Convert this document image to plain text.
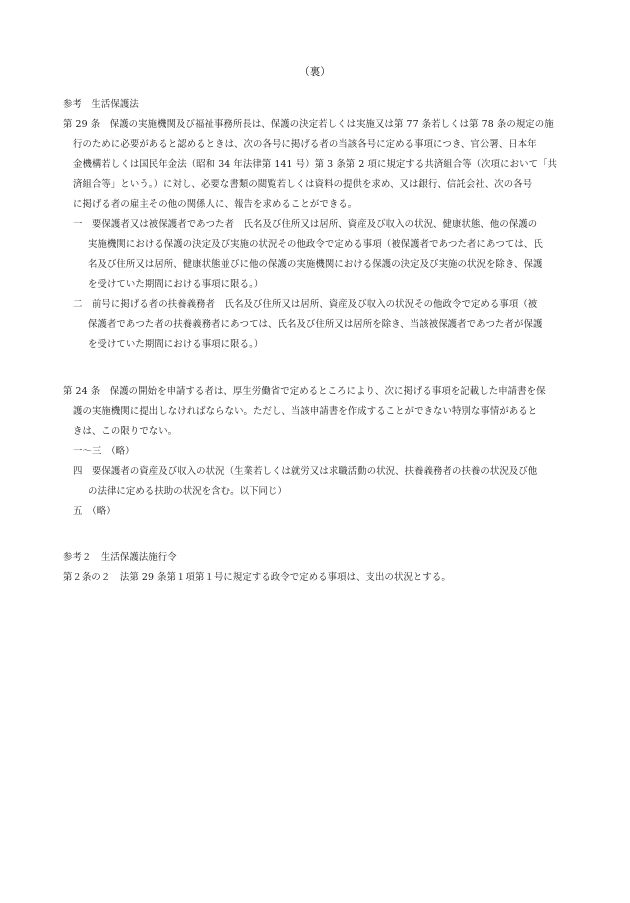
（裏）
参考　生活保護法
第 29 条　保護の実施機関及び福祉事務所長は、保護の決定若しくは実施又は第 77 条若しくは第 78 条の規定の施
行のために必要があると認めるときは、次の各号に掲げる者の当該各号に定める事項につき、官公署、日本年
金機構若しくは国民年金法（昭和 34 年法律第 141 号）第 3 条第 2 項に規定する共済組合等（次項において「共
済組合等」という。）に対し、必要な書類の閲覧若しくは資料の提供を求め、又は銀行、信託会社、次の各号
に掲げる者の雇主その他の関係人に、報告を求めることができる。
一　要保護者又は被保護者であつた者　氏名及び住所又は居所、資産及び収入の状況、健康状態、他の保護の
実施機関における保護の決定及び実施の状況その他政令で定める事項（被保護者であつた者にあつては、氏
名及び住所又は居所、健康状態並びに他の保護の実施機関における保護の決定及び実施の状況を除き、保護
を受けていた期間における事項に限る。）
二　前号に掲げる者の扶養義務者　氏名及び住所又は居所、資産及び収入の状況その他政令で定める事項（被
保護者であつた者の扶養義務者にあつては、氏名及び住所又は居所を除き、当該被保護者であつた者が保護
を受けていた期間における事項に限る。）
第 24 条　保護の開始を申請する者は、厚生労働省で定めるところにより、次に掲げる事項を記載した申請書を保
護の実施機関に提出しなければならない。ただし、当該申請書を作成することができない特別な事情があると
きは、この限りでない。
一～三　（略）
四　要保護者の資産及び収入の状況（生業若しくは就労又は求職活動の状況、扶養義務者の扶養の状況及び他
の法律に定める扶助の状況を含む。以下同じ）
五　（略）
参考２　生活保護法施行令
第２条の２　法第 29 条第１項第１号に規定する政令で定める事項は、支出の状況とする。
